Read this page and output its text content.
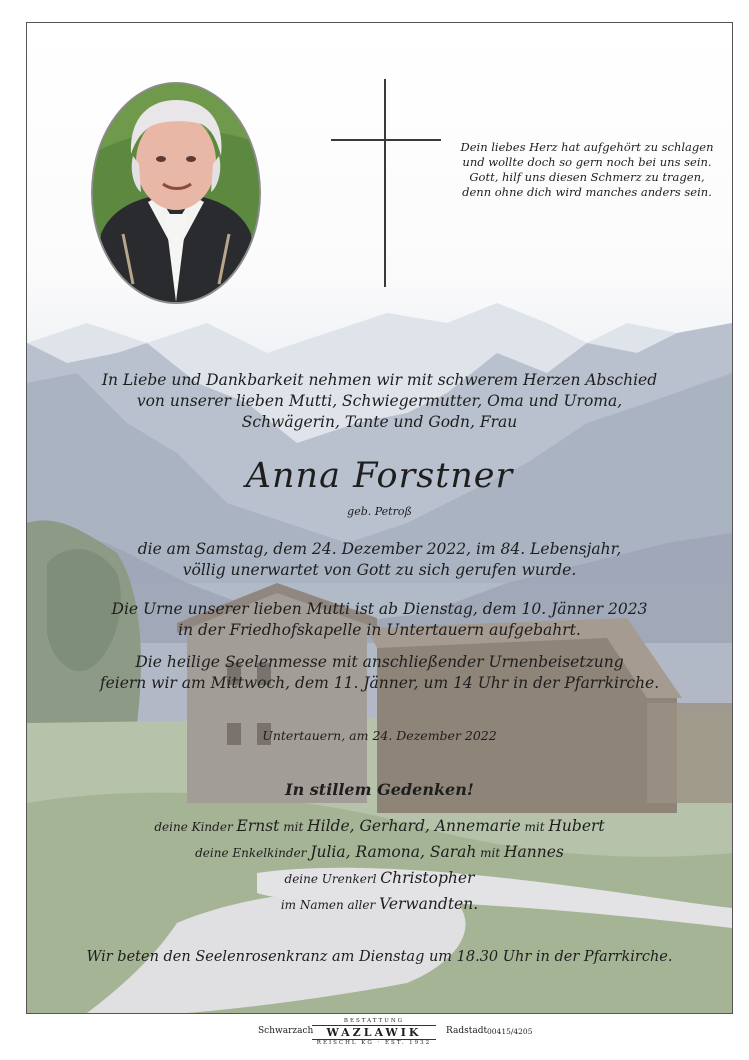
Dein liebes Herz hat aufgehört zu schlagen
und wollte doch so gern noch bei uns sein.
Gott, hilf uns diesen Schmerz zu tragen,
denn ohne dich wird manches anders sein.
In Liebe und Dankbarkeit nehmen wir mit schwerem Herzen Abschied
von unserer lieben Mutti, Schwiegermutter, Oma und Uroma,
Schwägerin, Tante und Godn, Frau
Anna Forstner
geb. Petroß
die am Samstag, dem 24. Dezember 2022, im 84. Lebensjahr,
völlig unerwartet von Gott zu sich gerufen wurde.
Die Urne unserer lieben Mutti ist ab Dienstag, dem 10. Jänner 2023
in der Friedhofskapelle in Untertauern aufgebahrt.
Die heilige Seelenmesse mit anschließender Urnenbeisetzung
feiern wir am Mittwoch, dem 11. Jänner, um 14 Uhr in der Pfarrkirche.
Untertauern, am 24. Dezember 2022
In stillem Gedenken!
deine Kinder Ernst mit Hilde, Gerhard, Annemarie mit Hubert
deine Enkelkinder Julia, Ramona, Sarah mit Hannes
deine Urenkerl Christopher
im Namen aller Verwandten.
Wir beten den Seelenrosenkranz am Dienstag um 18.30 Uhr in der Pfarrkirche.
Schwarzach
BESTATTUNG
WAZLAWIK
REISCHL KG · EST. 1932
Radstadt 00415/4205
